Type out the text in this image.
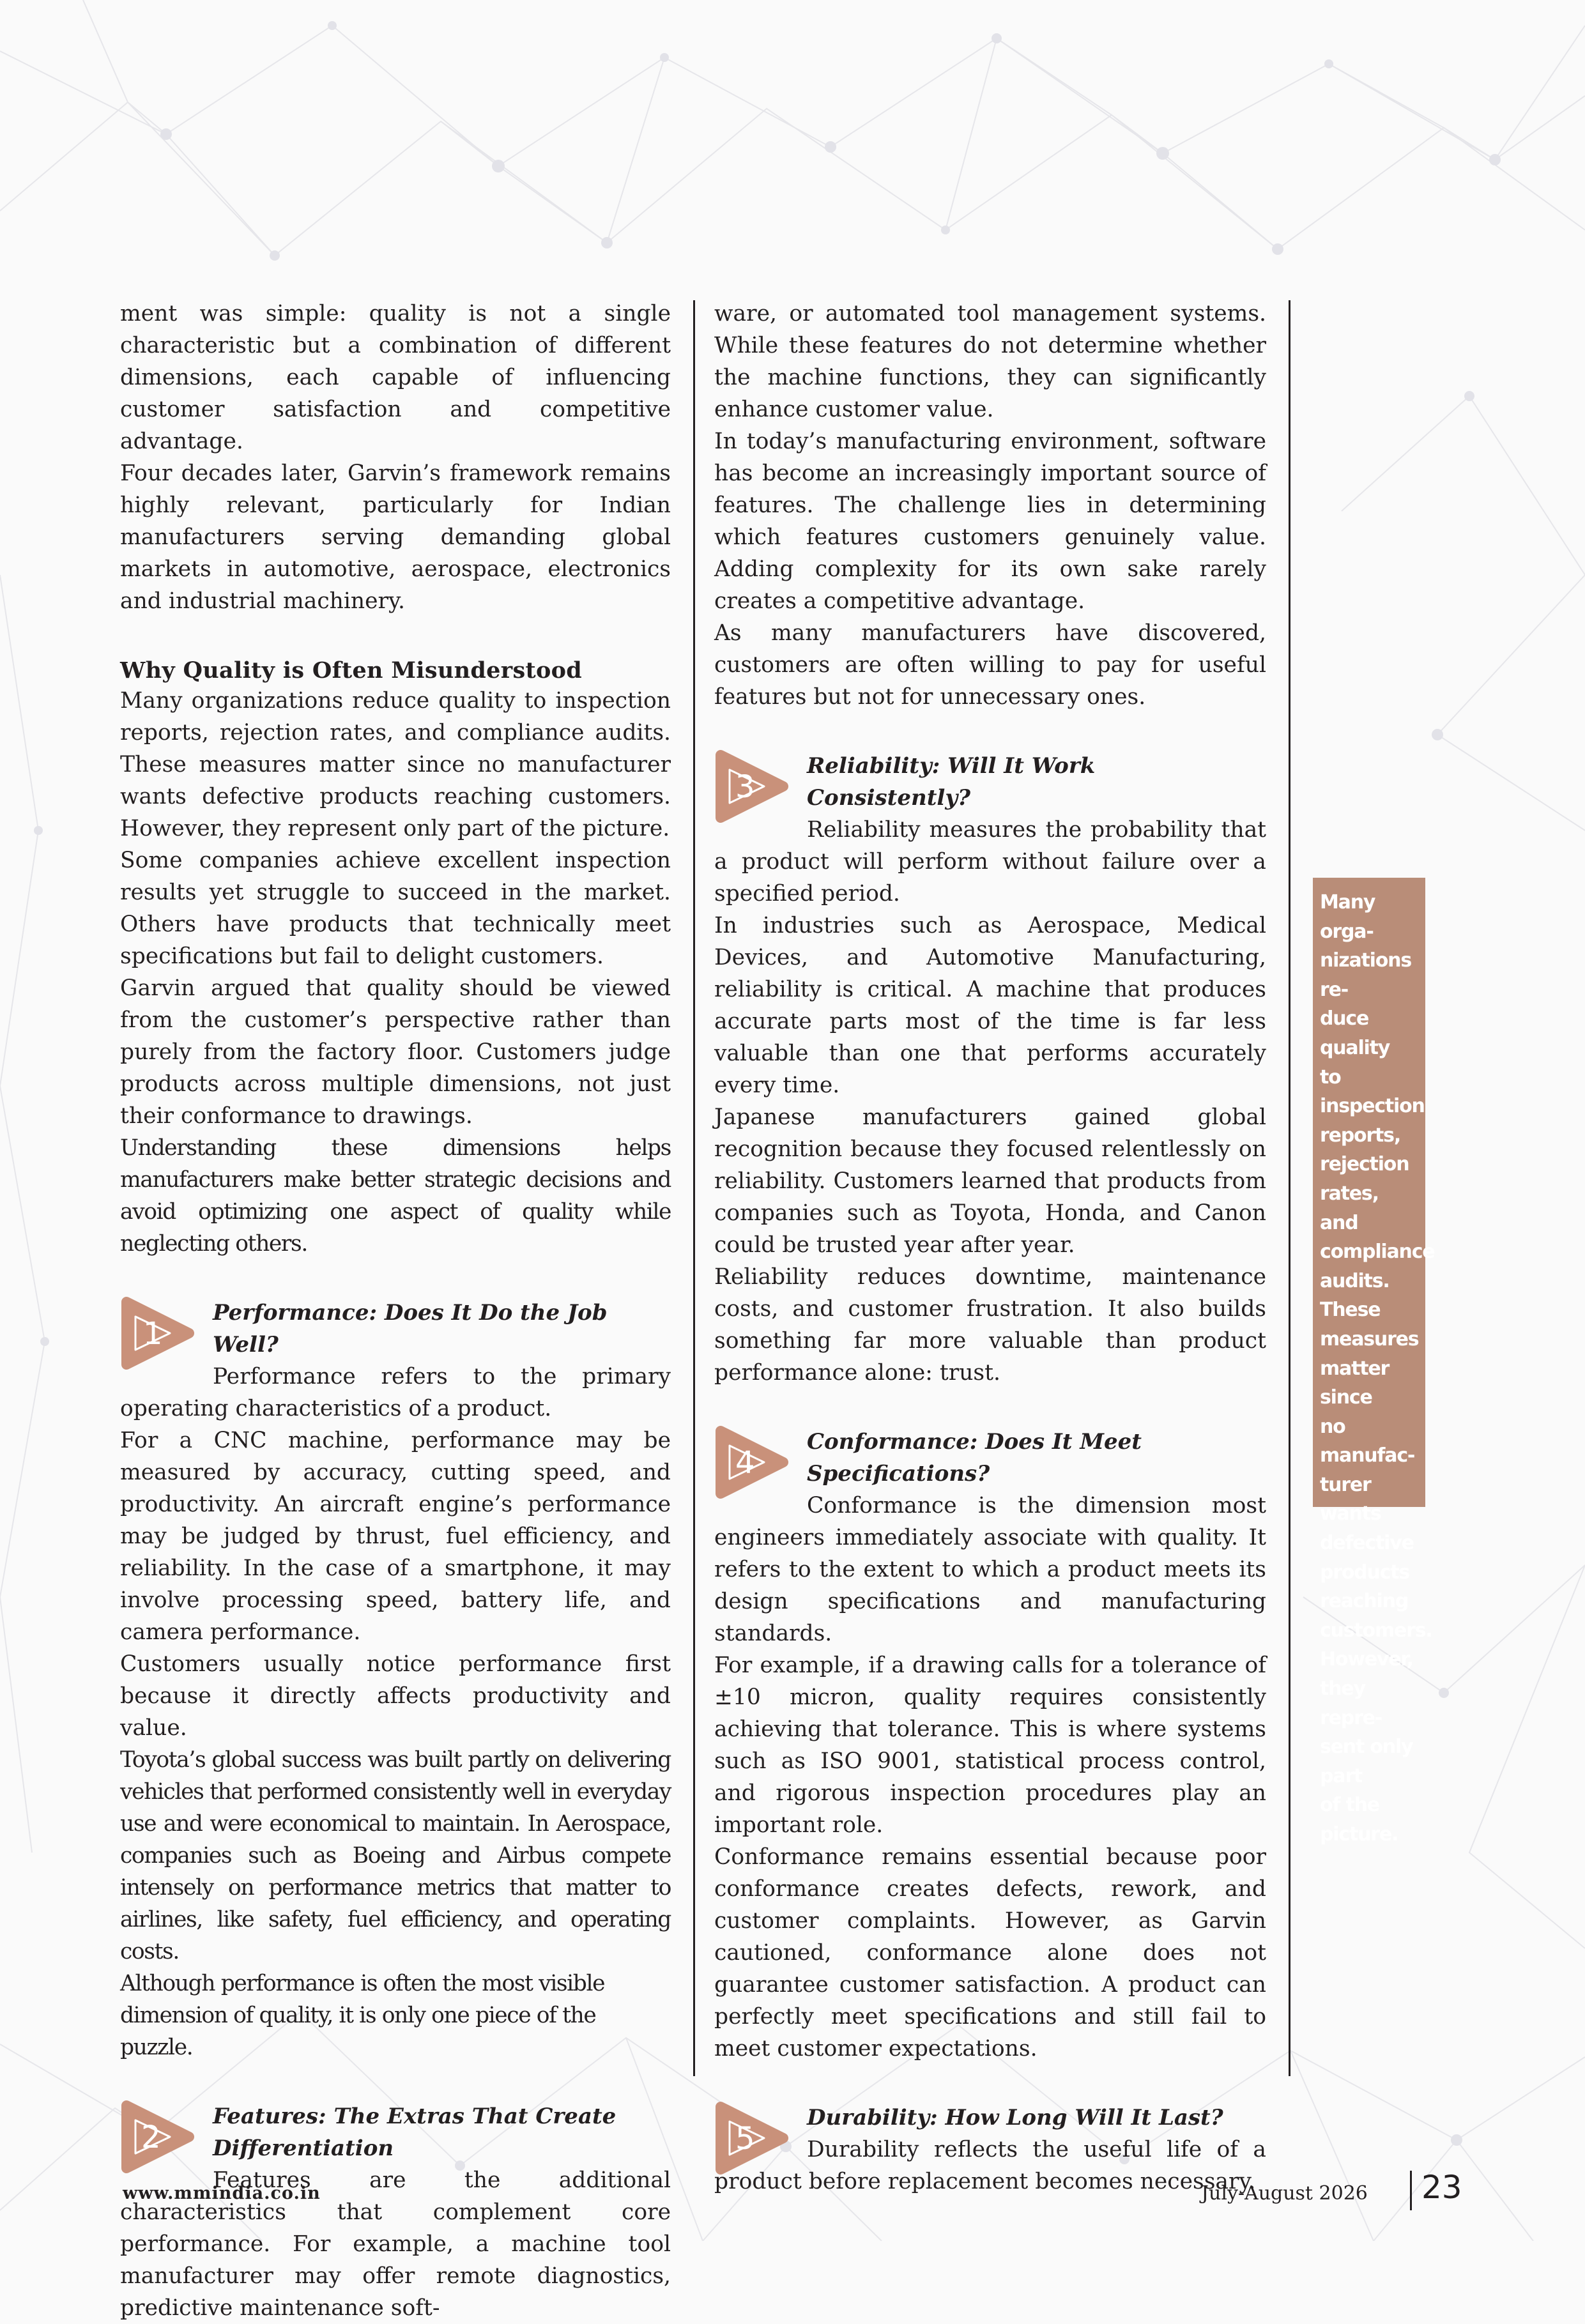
ment was simple: quality is not a single characteristic but a combination of different dimensions, each capable of influencing customer satisfaction and competitive advantage.

Four decades later, Garvin’s framework remains highly relevant, particularly for Indian manufacturers serving demanding global markets in automotive, aerospace, electronics and industrial machinery.

Why Quality is Often Misunderstood

Many organizations reduce quality to inspection reports, rejection rates, and compliance audits. These measures matter since no manufacturer wants defective products reaching customers. However, they represent only part of the picture.

Some companies achieve excellent inspection results yet struggle to succeed in the market. Others have products that technically meet specifications but fail to delight customers.

Garvin argued that quality should be viewed from the customer’s perspective rather than purely from the factory floor. Customers judge products across multiple dimensions, not just their conformance to drawings.

Understanding these dimensions helps manufacturers make better strategic decisions and avoid optimizing one aspect of quality while neglecting others.

1
Performance: Does It Do the Job Well?

Performance refers to the primary operating characteristics of a product.

For a CNC machine, performance may be measured by accuracy, cutting speed, and productivity. An aircraft engine’s performance may be judged by thrust, fuel efficiency, and reliability. In the case of a smartphone, it may involve processing speed, battery life, and camera performance.

Customers usually notice performance first because it directly affects productivity and value.

Toyota’s global success was built partly on delivering vehicles that performed consistently well in everyday use and were economical to maintain. In Aerospace, companies such as Boeing and Airbus compete intensely on performance metrics that matter to airlines, like safety, fuel efficiency, and operating costs.

Although performance is often the most visible dimension of quality, it is only one piece of the puzzle.

2
Features: The Extras That Create Differentiation

Features are the additional characteristics that complement core performance. For example, a machine tool manufacturer may offer remote diagnostics, predictive maintenance soft-

ware, or automated tool management systems. While these features do not determine whether the machine functions, they can significantly enhance customer value.

In today’s manufacturing environment, software has become an increasingly important source of features. The challenge lies in determining which features customers genuinely value. Adding complexity for its own sake rarely creates a competitive advantage.

As many manufacturers have discovered, customers are often willing to pay for useful features but not for unnecessary ones.

3
Reliability: Will It Work Consistently?

Reliability measures the probability that a product will perform without failure over a specified period.

In industries such as Aerospace, Medical Devices, and Automotive Manufacturing, reliability is critical. A machine that produces accurate parts most of the time is far less valuable than one that performs accurately every time.

Japanese manufacturers gained global recognition because they focused relentlessly on reliability. Customers learned that products from companies such as Toyota, Honda, and Canon could be trusted year after year.

Reliability reduces downtime, maintenance costs, and customer frustration. It also builds something far more valuable than product performance alone: trust.

4
Conformance: Does It Meet Specifications?

Conformance is the dimension most engineers immediately associate with quality. It refers to the extent to which a product meets its design specifications and manufacturing standards.

For example, if a drawing calls for a tolerance of ±10 micron, quality requires consistently achieving that tolerance. This is where systems such as ISO 9001, statistical process control, and rigorous inspection procedures play an important role.

Conformance remains essential because poor conformance creates defects, rework, and customer complaints. However, as Garvin cautioned, conformance alone does not guarantee customer satisfaction. A product can perfectly meet specifications and still fail to meet customer expectations.

5
Durability: How Long Will It Last?

Durability reflects the useful life of a product before replacement becomes necessary.

Many orga-
nizations re-
duce quality
to inspection
reports,
rejection
rates, and
compliance
audits. These
measures
matter since
no manufac-
turer wants
defective
products
reaching
customers.
However,
they repre-
sent only part
of the picture.

www.mmindia.co.in	July-August 2026 23
